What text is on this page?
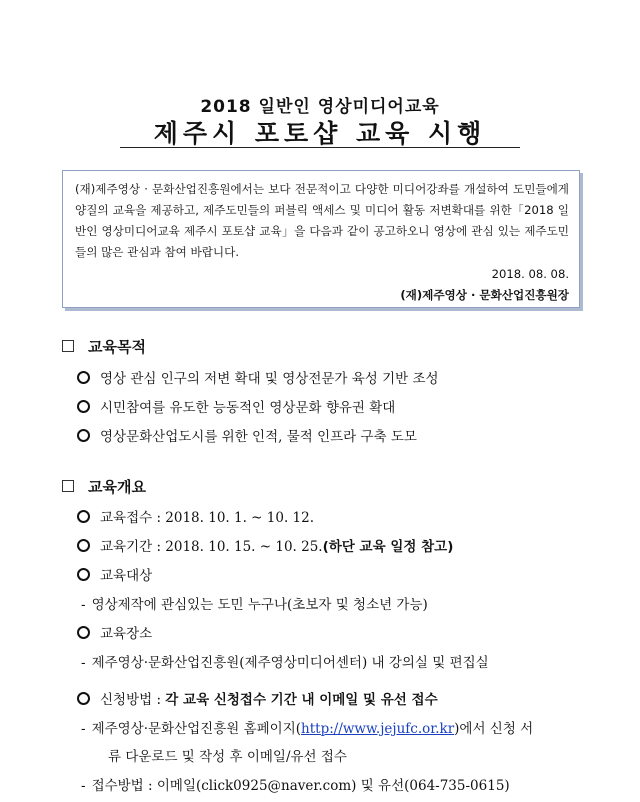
2018 일반인 영상미디어교육
제주시 포토샵 교육 시행

(재)제주영상 · 문화산업진흥원에서는 보다 전문적이고 다양한 미디어강좌를 개설하여 도민들에게 양질의 교육을 제공하고, 제주도민들의 퍼블릭 액세스 및 미디어 활동 저변확대를 위한「2018 일반인 영상미디어교육 제주시 포토샵 교육」을 다음과 같이 공고하오니 영상에 관심 있는 제주도민들의 많은 관심과 참여 바랍니다.

2018. 08. 08.

(재)제주영상 · 문화산업진흥원장

교육목적
영상 관심 인구의 저변 확대 및 영상전문가 육성 기반 조성
시민참여를 유도한 능동적인 영상문화 향유권 확대
영상문화산업도시를 위한 인적, 물적 인프라 구축 도모
교육개요
교육접수 : 2018. 10. 1. ~ 10. 12.
교육기간 : 2018. 10. 15. ~ 10. 25.(하단 교육 일정 참고)
교육대상
- 영상제작에 관심있는 도민 누구나(초보자 및 청소년 가능)
교육장소
- 제주영상·문화산업진흥원(제주영상미디어센터) 내 강의실 및 편집실
신청방법 : 각 교육 신청접수 기간 내 이메일 및 유선 접수
- 제주영상·문화산업진흥원 홈페이지(http://www.jejufc.or.kr)에서 신청 서
류 다운로드 및 작성 후 이메일/유선 접수
- 접수방법 : 이메일(click0925@naver.com) 및 유선(064-735-0615)
